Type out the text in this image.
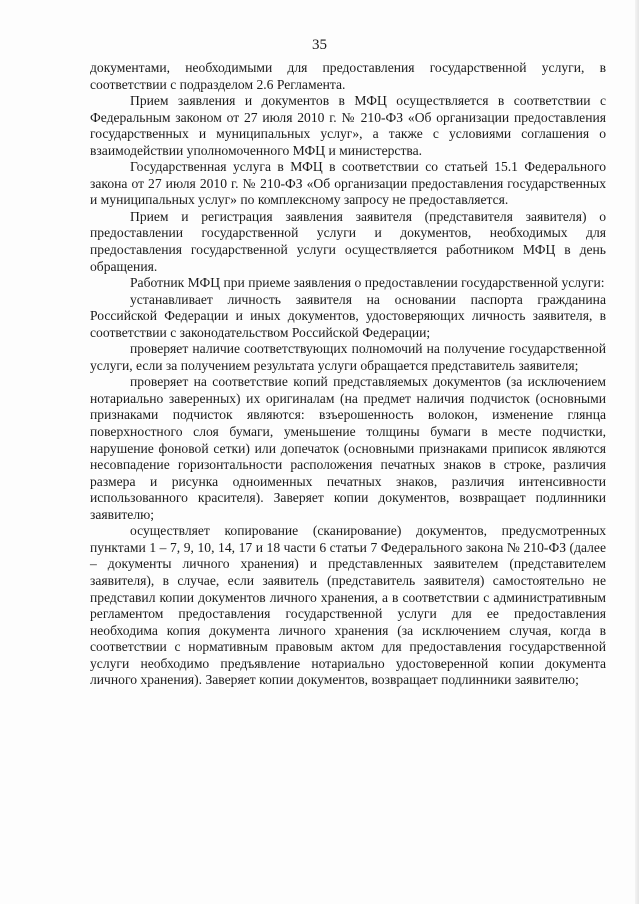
35

документами, необходимыми для предоставления государственной услуги, в соответствии с подразделом 2.6 Регламента.

Прием заявления и документов в МФЦ осуществляется в соответствии с Федеральным законом от 27 июля 2010 г. № 210-ФЗ «Об организации предоставления государственных и муниципальных услуг», а также с условиями соглашения о взаимодействии уполномоченного МФЦ и министерства.

Государственная услуга в МФЦ в соответствии со статьей 15.1 Федерального закона от 27 июля 2010 г. № 210-ФЗ «Об организации предоставления государственных и муниципальных услуг» по комплексному запросу не предоставляется.

Прием и регистрация заявления заявителя (представителя заявителя) о предоставлении государственной услуги и документов, необходимых для предоставления государственной услуги осуществляется работником МФЦ в день обращения.

Работник МФЦ при приеме заявления о предоставлении государственной услуги:

устанавливает личность заявителя на основании паспорта гражданина Российской Федерации и иных документов, удостоверяющих личность заявителя, в соответствии с законодательством Российской Федерации;

проверяет наличие соответствующих полномочий на получение государственной услуги, если за получением результата услуги обращается представитель заявителя;

проверяет на соответствие копий представляемых документов (за исключением нотариально заверенных) их оригиналам (на предмет наличия подчисток (основными признаками подчисток являются: взъерошенность волокон, изменение глянца поверхностного слоя бумаги, уменьшение толщины бумаги в месте подчистки, нарушение фоновой сетки) или допечаток (основными признаками приписок являются несовпадение горизонтальности расположения печатных знаков в строке, различия размера и рисунка одноименных печатных знаков, различия интенсивности использованного красителя). Заверяет копии документов, возвращает подлинники заявителю;

осуществляет копирование (сканирование) документов, предусмотренных пунктами 1 – 7, 9, 10, 14, 17 и 18 части 6 статьи 7 Федерального закона № 210-ФЗ (далее – документы личного хранения) и представленных заявителем (представителем заявителя), в случае, если заявитель (представитель заявителя) самостоятельно не представил копии документов личного хранения, а в соответствии с административным регламентом предоставления государственной услуги для ее предоставления необходима копия документа личного хранения (за исключением случая, когда в соответствии с нормативным правовым актом для предоставления государственной услуги необходимо предъявление нотариально удостоверенной копии документа личного хранения). Заверяет копии документов, возвращает подлинники заявителю;
